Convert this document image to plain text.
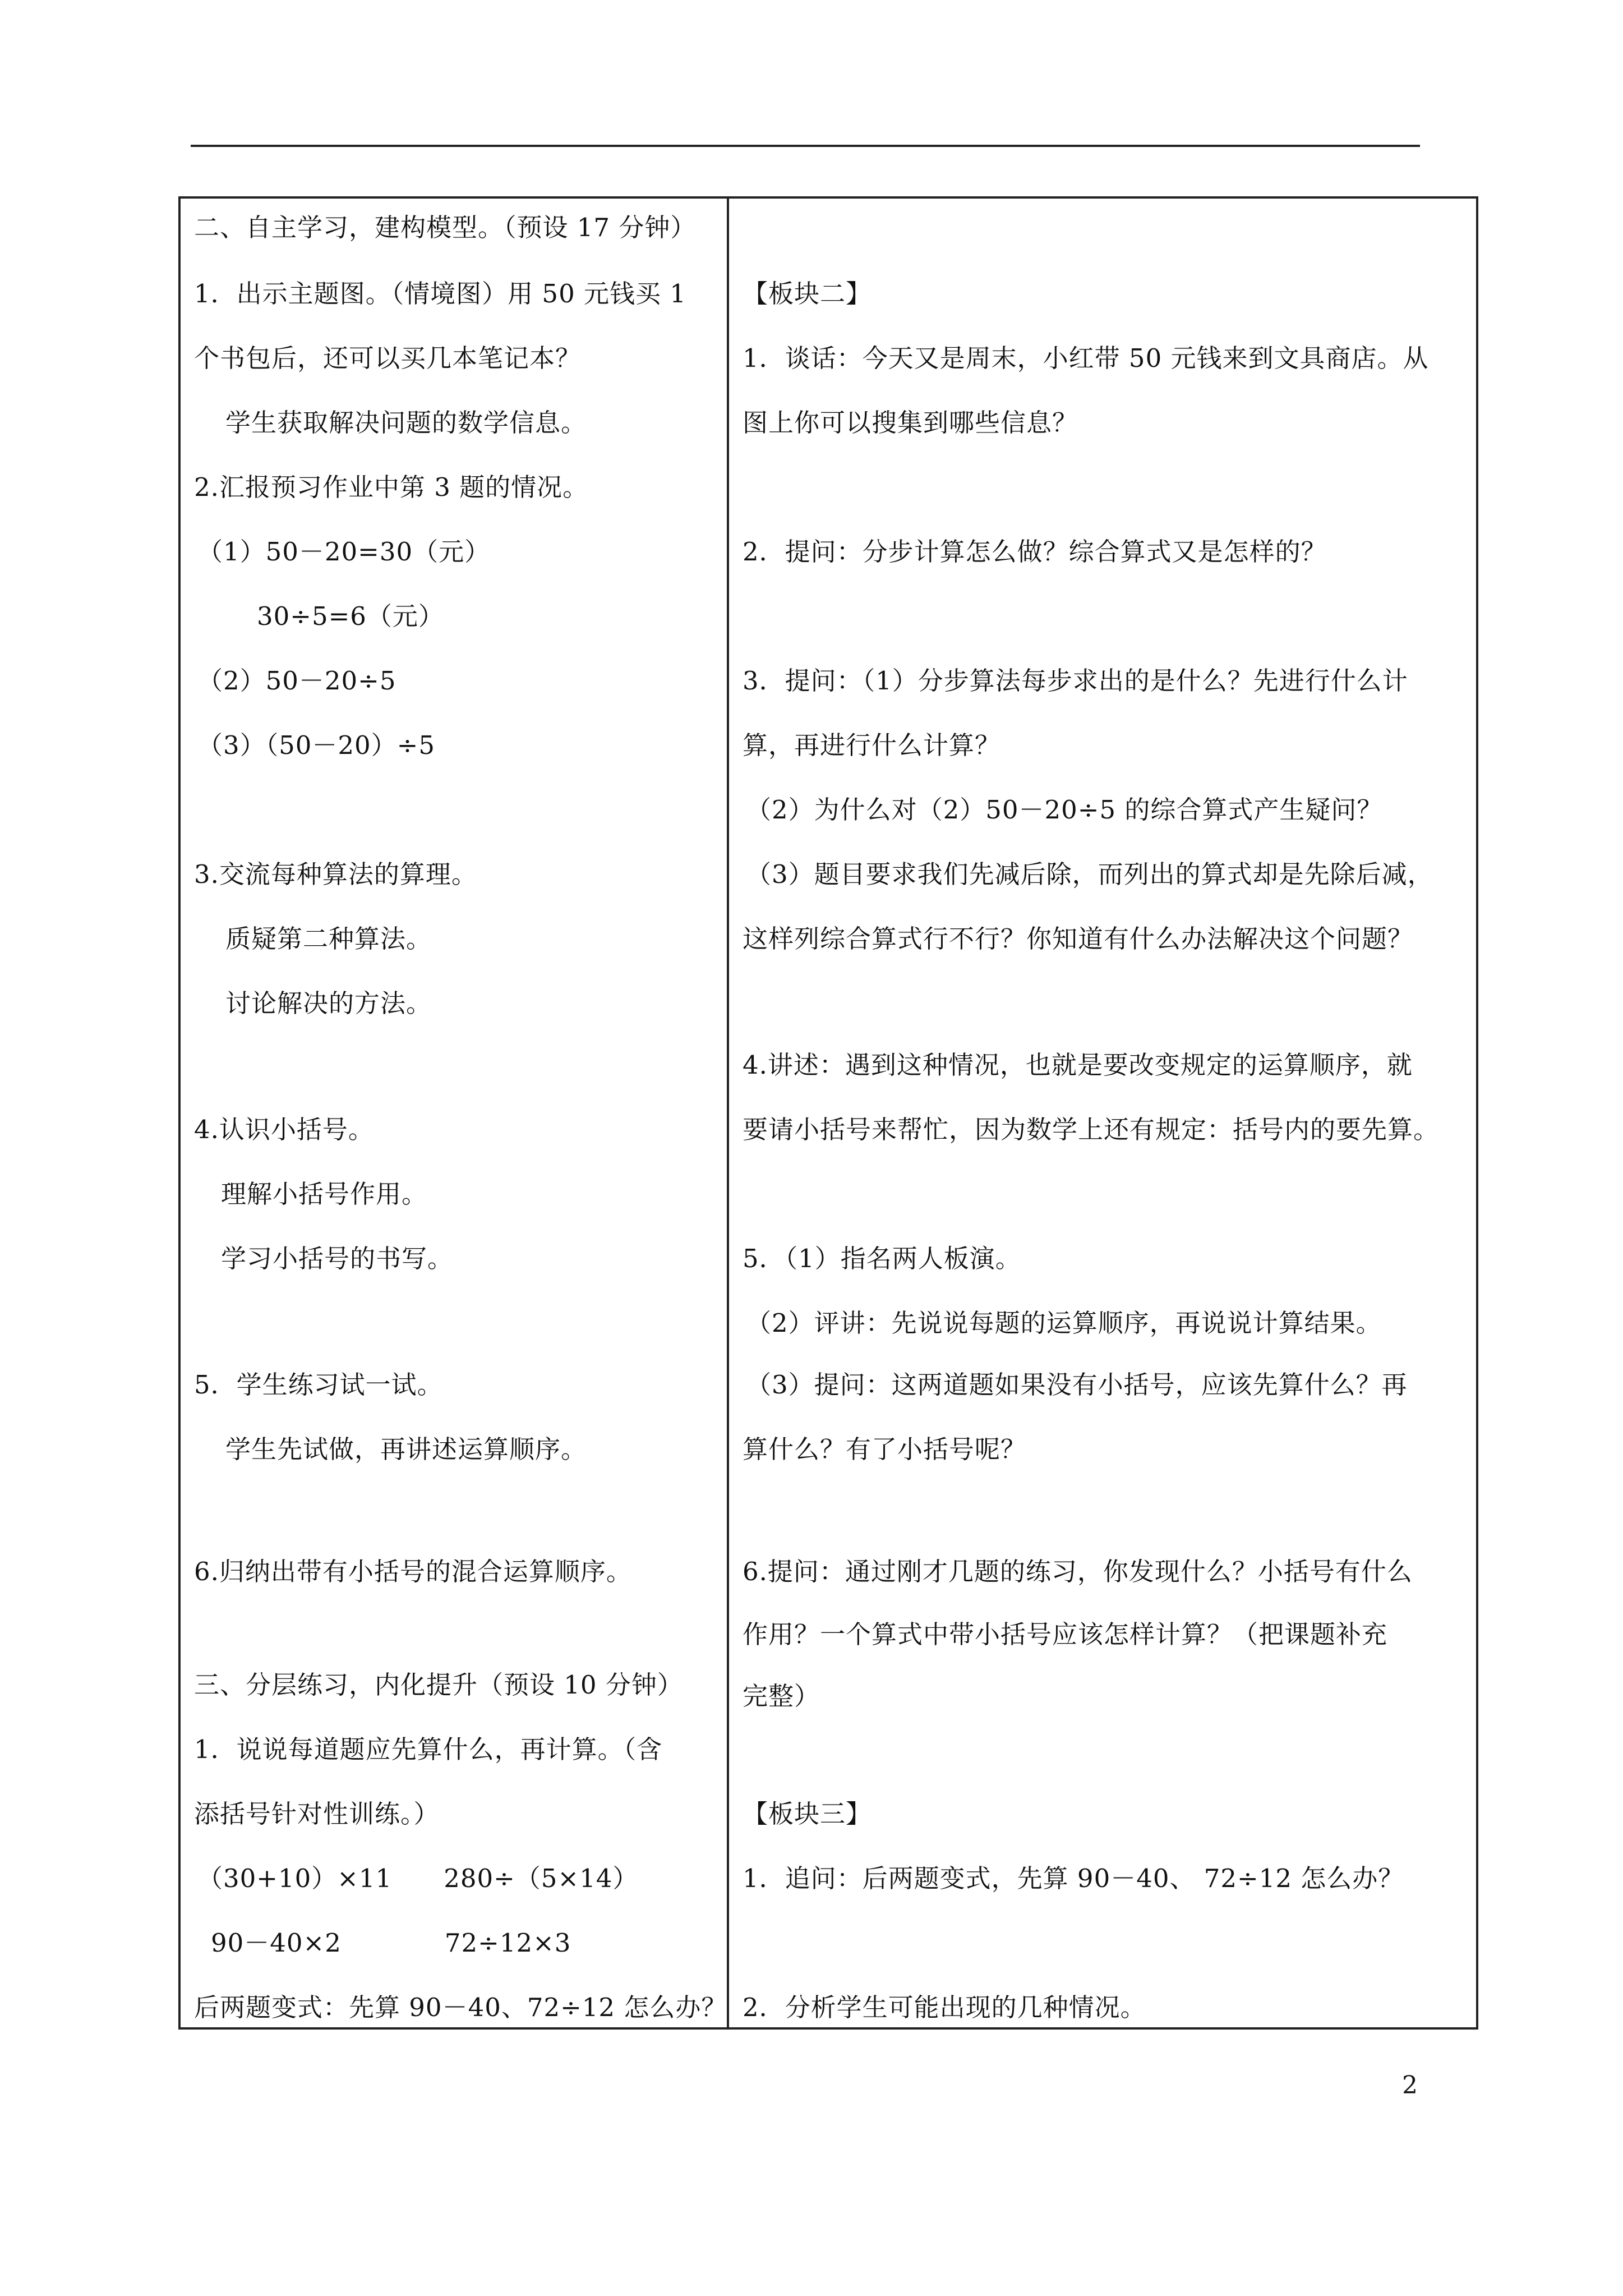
二、自主学习，建构模型。（预设 17 分钟）
1．出示主题图。（情境图）用 50 元钱买 1
个书包后，还可以买几本笔记本？
学生获取解决问题的数学信息。
2.汇报预习作业中第 3 题的情况。
（1）50－20=30（元）
30÷5=6（元）
（2）50－20÷5
（3）（50－20）÷5
3.交流每种算法的算理。
质疑第二种算法。
讨论解决的方法。
4.认识小括号。
理解小括号作用。
学习小括号的书写。
5．学生练习试一试。
学生先试做，再讲述运算顺序。
6.归纳出带有小括号的混合运算顺序。
三、分层练习，内化提升（预设 10 分钟）
1．说说每道题应先算什么，再计算。（含
添括号针对性训练。）
（30+10）×11　　280÷（5×14）
90－40×2　　　　72÷12×3
后两题变式：先算 90－40、72÷12 怎么办？
【板块二】
1．谈话：今天又是周末，小红带 50 元钱来到文具商店。从
图上你可以搜集到哪些信息？
2．提问：分步计算怎么做？综合算式又是怎样的？
3．提问：（1）分步算法每步求出的是什么？先进行什么计
算，再进行什么计算？
（2）为什么对（2）50－20÷5 的综合算式产生疑问？
（3）题目要求我们先减后除，而列出的算式却是先除后减，
这样列综合算式行不行？你知道有什么办法解决这个问题？
4.讲述：遇到这种情况，也就是要改变规定的运算顺序，就
要请小括号来帮忙，因为数学上还有规定：括号内的要先算。
5．（1）指名两人板演。
（2）评讲：先说说每题的运算顺序，再说说计算结果。
（3）提问：这两道题如果没有小括号，应该先算什么？再
算什么？有了小括号呢？
6.提问：通过刚才几题的练习，你发现什么？小括号有什么
作用？一个算式中带小括号应该怎样计算？（把课题补充
完整）
【板块三】
1．追问：后两题变式，先算 90－40、 72÷12 怎么办？
2．分析学生可能出现的几种情况。
2
